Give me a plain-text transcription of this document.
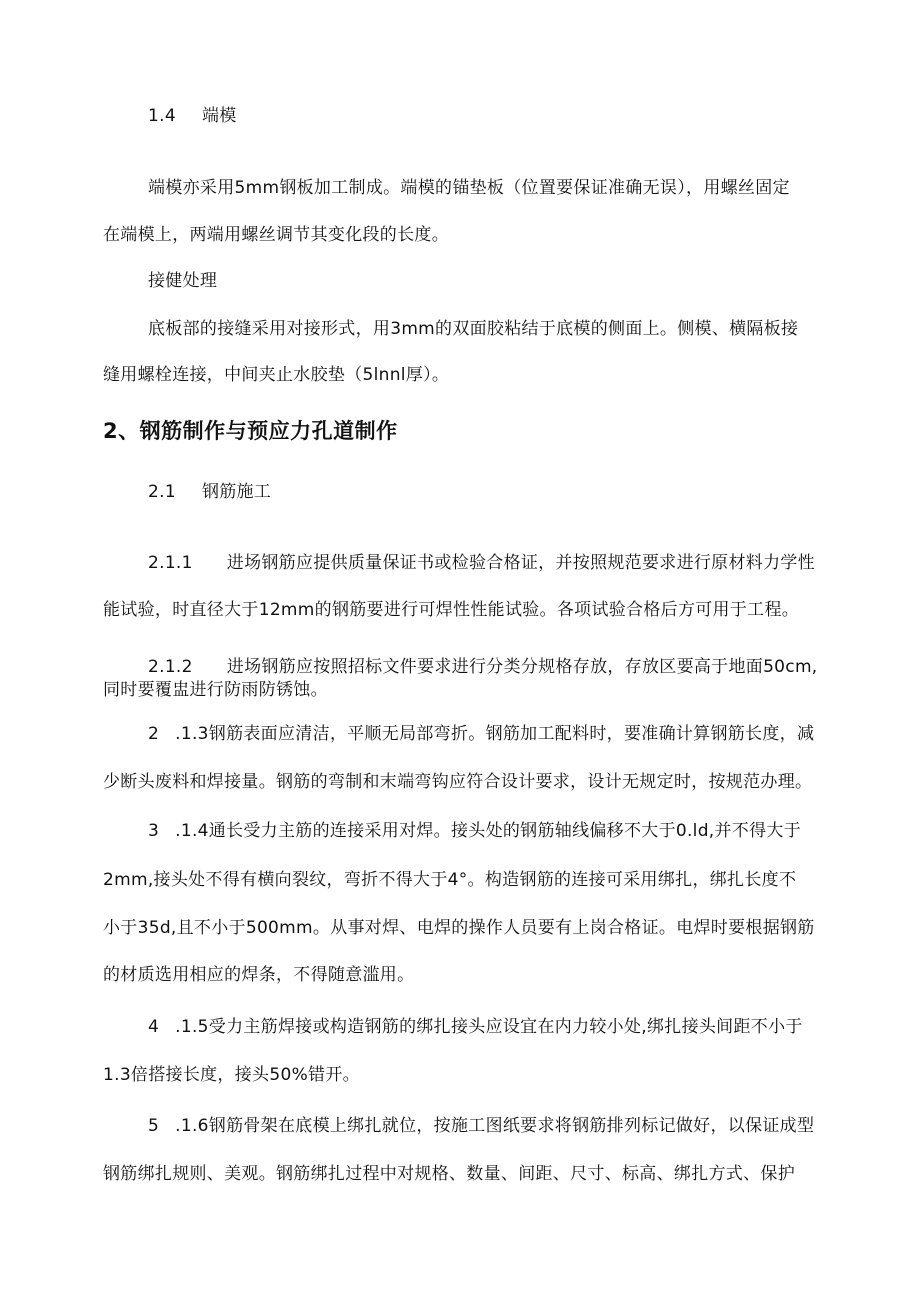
1.4 端模
端模亦采用5mm钢板加工制成。端模的锚垫板（位置要保证准确无误），用螺丝固定
在端模上，两端用螺丝调节其变化段的长度。
接健处理
底板部的接缝采用对接形式，用3mm的双面胶粘结于底模的侧面上。侧模、横隔板接
缝用螺栓连接，中间夹止水胶垫（5lnnl厚）。
2、钢筋制作与预应力孔道制作
2.1 钢筋施工
2.1.1 进场钢筋应提供质量保证书或检验合格证，并按照规范要求进行原材料力学性
能试验，时直径大于12mm的钢筋要进行可焊性性能试验。各项试验合格后方可用于工程。
2.1.2 进场钢筋应按照招标文件要求进行分类分规格存放，存放区要高于地面50cm,
同时要覆盅进行防雨防锈蚀。
2 .1.3钢筋表面应清洁，平顺无局部弯折。钢筋加工配料时，要准确计算钢筋长度，减
少断头废料和焊接量。钢筋的弯制和末端弯钩应符合设计要求，设计无规定时，按规范办理。
3 .1.4通长受力主筋的连接采用对焊。接头处的钢筋轴线偏移不大于0.ld,并不得大于
2mm,接头处不得有横向裂纹，弯折不得大于4°。构造钢筋的连接可采用绑扎，绑扎长度不
小于35d,且不小于500mm。从事对焊、电焊的操作人员要有上岗合格证。电焊时要根据钢筋
的材质选用相应的焊条，不得随意滥用。
4 .1.5受力主筋焊接或构造钢筋的绑扎接头应设宜在内力较小处,绑扎接头间距不小于
1.3倍搭接长度，接头50%错开。
5 .1.6钢筋骨架在底模上绑扎就位，按施工图纸要求将钢筋排列标记做好，以保证成型
钢筋绑扎规则、美观。钢筋绑扎过程中对规格、数量、间距、尺寸、标高、绑扎方式、保护
